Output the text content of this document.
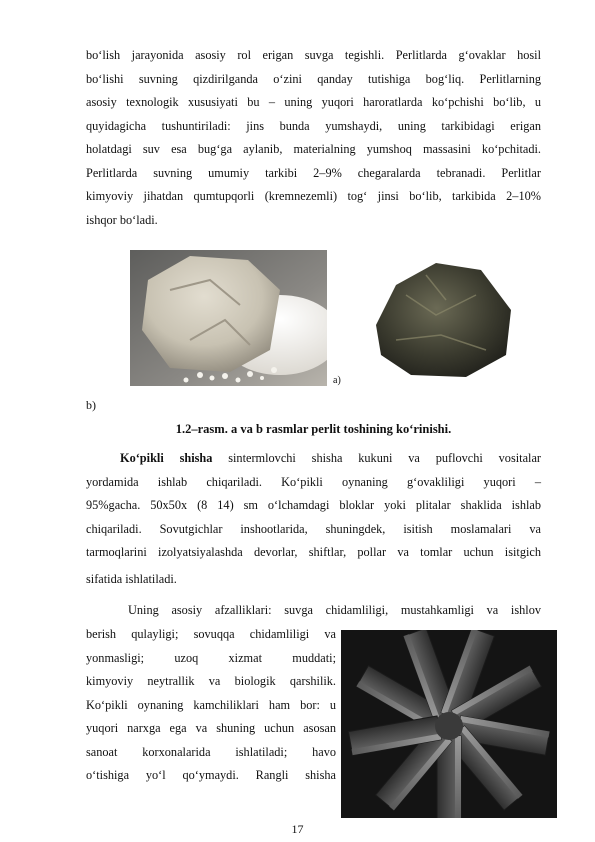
bo‘lish jarayonida asosiy rol erigan suvga tegishli. Perlitlarda g‘ovaklar hosil
bo‘lishi suvning qizdirilganda o‘zini qanday tutishiga bog‘liq. Perlitlarning
asosiy texnologik xususiyati bu – uning yuqori haroratlarda ko‘pchishi bo‘lib, u
quyidagicha tushuntiriladi: jins bunda yumshaydi, uning tarkibidagi erigan
holatdagi suv esa bug‘ga aylanib, materialning yumshoq massasini ko‘pchitadi.
Perlitlarda suvning umumiy tarkibi 2–9% chegaralarda tebranadi. Perlitlar
kimyoviy jihatdan qumtupqorli (kremnezemli) tog‘ jinsi bo‘lib, tarkibida 2–10%
ishqor bo‘ladi.
a)
b)
1.2–rasm. a va b rasmlar perlit toshining ko‘rinishi.
Ko‘pikli shisha sintermlovchi shisha kukuni va puflovchi vositalar
yordamida ishlab chiqariladi. Ko‘pikli oynaning g‘ovakliligi yuqori –
95%gacha. 50x50x (8 14) sm o‘lchamdagi bloklar yoki plitalar shaklida ishlab
chiqariladi. Sovutgichlar inshootlarida, shuningdek, isitish moslamalari va
tarmoqlarini izolyatsiyalashda devorlar, shiftlar, pollar va tomlar uchun isitgich
sifatida ishlatiladi.
Uning asosiy afzalliklari: suvga chidamliligi, mustahkamligi va ishlov
berish qulayligi; sovuqqa chidamliligi va
yonmasligi; uzoq xizmat muddati;
kimyoviy neytrallik va biologik qarshilik.
Ko‘pikli oynaning kamchiliklari ham bor: u
yuqori narxga ega va shuning uchun asosan
sanoat korxonalarida ishlatiladi; havo
o‘tishiga yo‘l qo‘ymaydi. Rangli shisha
17
